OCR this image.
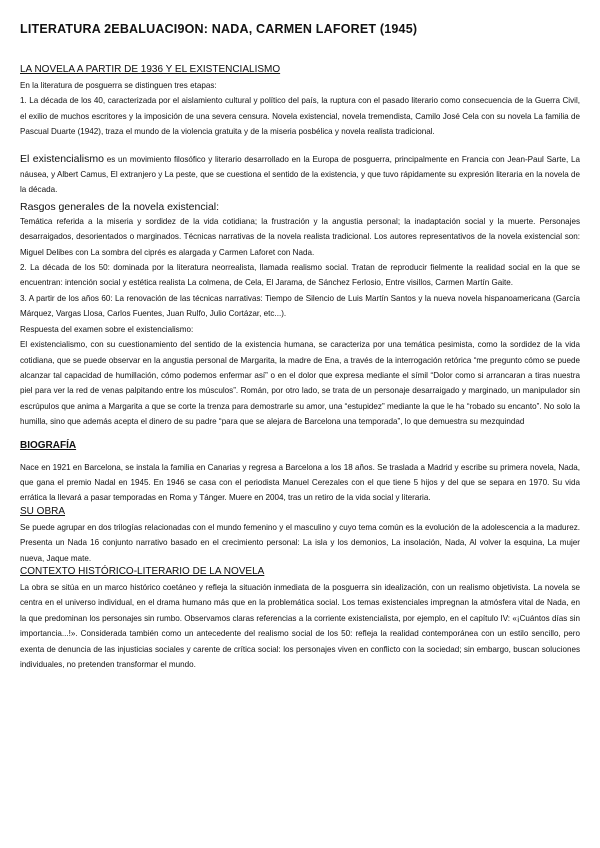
LITERATURA 2EBALUACI9ON: NADA, CARMEN LAFORET (1945)
LA NOVELA A PARTIR DE 1936 Y EL EXISTENCIALISMO

En la literatura de posguerra se distinguen tres etapas:

1. La década de los 40, caracterizada por el aislamiento cultural y político del país, la ruptura con el pasado literario como consecuencia de la Guerra Civil, el exilio de muchos escritores y la imposición de una severa censura. Novela existencial, novela tremendista, Camilo José Cela con su novela La familia de Pascual Duarte (1942), traza el mundo de la violencia gratuita y de la miseria posbélica y novela realista tradicional.

El existencialismo es un movimiento filosófico y literario desarrollado en la Europa de posguerra, principalmente en Francia con Jean-Paul Sarte, La náusea, y Albert Camus, El extranjero y La peste, que se cuestiona el sentido de la existencia, y que tuvo rápidamente su expresión literaria en la novela de la década.

Rasgos generales de la novela existencial:

Temática referida a la miseria y sordidez de la vida cotidiana; la frustración y la angustia personal; la inadaptación social y la muerte. Personajes desarraigados, desorientados o marginados. Técnicas narrativas de la novela realista tradicional. Los autores representativos de la novela existencial son: Miguel Delibes con La sombra del ciprés es alargada y Carmen Laforet con Nada.

2. La década de los 50: dominada por la literatura neorrealista, llamada realismo social. Tratan de reproducir fielmente la realidad social en la que se encuentran: intención social y estética realista La colmena, de Cela, El Jarama, de Sánchez Ferlosio, Entre visillos, Carmen Martín Gaite.

3. A partir de los años 60: La renovación de las técnicas narrativas: Tiempo de Silencio de Luis Martín Santos y la nueva novela hispanoamericana (García Márquez, Vargas Llosa, Carlos Fuentes, Juan Rulfo, Julio Cortázar, etc...).

Respuesta del examen sobre el existencialismo:

El existencialismo, con su cuestionamiento del sentido de la existencia humana, se caracteriza por una temática pesimista, como la sordidez de la vida cotidiana, que se puede observar en la angustia personal de Margarita, la madre de Ena, a través de la interrogación retórica “me pregunto cómo se puede alcanzar tal capacidad de humillación, cómo podemos enfermar así” o en el dolor que expresa mediante el símil “Dolor como si arrancaran a tiras nuestra piel para ver la red de venas palpitando entre los músculos”. Román, por otro lado, se trata de un personaje desarraigado y marginado, un manipulador sin escrúpulos que anima a Margarita a que se corte la trenza para demostrarle su amor, una “estupidez” mediante la que le ha “robado su encanto”. No solo la humilla, sino que además acepta el dinero de su padre “para que se alejara de Barcelona una temporada”, lo que demuestra su mezquindad

BIOGRAFÍA

Nace en 1921 en Barcelona, se instala la familia en Canarias y regresa a Barcelona a los 18 años. Se traslada a Madrid y escribe su primera novela, Nada, que gana el premio Nadal en 1945. En 1946 se casa con el periodista Manuel Cerezales con el que tiene 5 hijos y del que se separa en 1970. Su vida errática la llevará a pasar temporadas en Roma y Tánger. Muere en 2004, tras un retiro de la vida social y literaria.

SU OBRA

Se puede agrupar en dos trilogías relacionadas con el mundo femenino y el masculino y cuyo tema común es la evolución de la adolescencia a la madurez. Presenta un Nada 16 conjunto narrativo basado en el crecimiento personal: La isla y los demonios, La insolación, Nada, Al volver la esquina, La mujer nueva, Jaque mate.

CONTEXTO HISTÓRICO-LITERARIO DE LA NOVELA

La obra se sitúa en un marco histórico coetáneo y refleja la situación inmediata de la posguerra sin idealización, con un realismo objetivista. La novela se centra en el universo individual, en el drama humano más que en la problemática social. Los temas existenciales impregnan la atmósfera vital de Nada, en la que predominan los personajes sin rumbo. Observamos claras referencias a la corriente existencialista, por ejemplo, en el capítulo IV: «¡Cuántos días sin importancia...!». Considerada también como un antecedente del realismo social de los 50: refleja la realidad contemporánea con un estilo sencillo, pero exenta de denuncia de las injusticias sociales y carente de crítica social: los personajes viven en conflicto con la sociedad; sin embargo, buscan soluciones individuales, no pretenden transformar el mundo.
